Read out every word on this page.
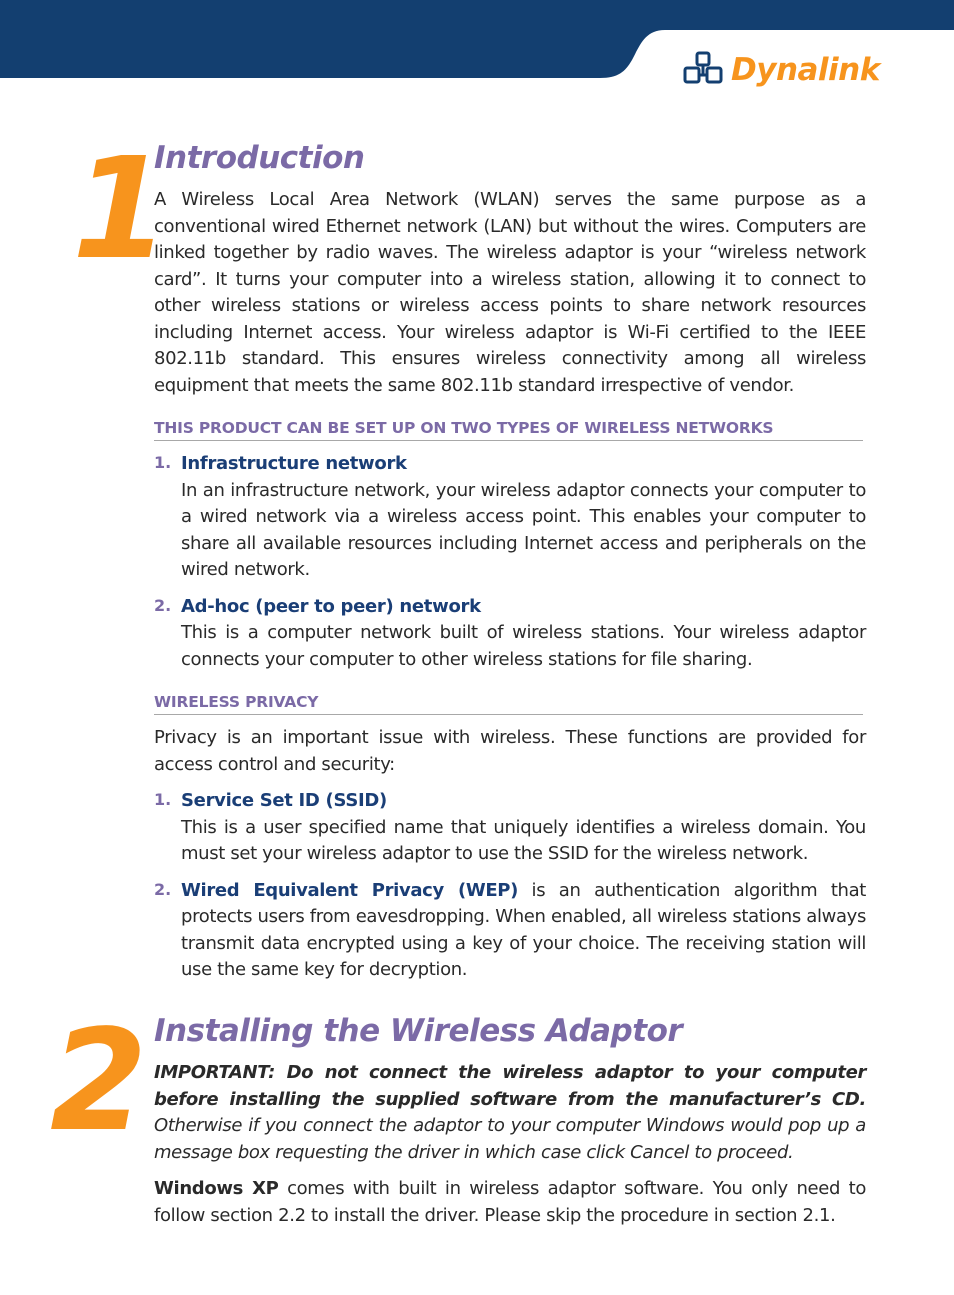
Dynalink
1
Introduction

A Wireless Local Area Network (WLAN) serves the same purpose as a conventional wired Ethernet network (LAN) but without the wires. Computers are linked together by radio waves. The wireless adaptor is your “wireless network card”. It turns your computer into a wireless station, allowing it to connect to other wireless stations or wireless access points to share network resources including Internet access. Your wireless adaptor is Wi-Fi certified to the IEEE 802.11b standard. This ensures wireless connectivity among all wireless equipment that meets the same 802.11b standard irrespective of vendor.

THIS PRODUCT CAN BE SET UP ON TWO TYPES OF WIRELESS NETWORKS
1. Infrastructure network

In an infrastructure network, your wireless adaptor connects your computer to a wired network via a wireless access point. This enables your computer to share all available resources including Internet access and peripherals on the wired network.

2. Ad-hoc (peer to peer) network

This is a computer network built of wireless stations. Your wireless adaptor connects your computer to other wireless stations for file sharing.

WIRELESS PRIVACY

Privacy is an important issue with wireless. These functions are provided for access control and security:

1. Service Set ID (SSID)

This is a user specified name that uniquely identifies a wireless domain. You must set your wireless adaptor to use the SSID for the wireless network.

2. Wired Equivalent Privacy (WEP) is an authentication algorithm that protects users from eavesdropping. When enabled, all wireless stations always transmit data encrypted using a key of your choice. The receiving station will use the same key for decryption.

2 Installing the Wireless Adaptor

IMPORTANT: Do not connect the wireless adaptor to your computer before installing the supplied software from the manufacturer’s CD. Otherwise if you connect the adaptor to your computer Windows would pop up a message box requesting the driver in which case click Cancel to proceed.

Windows XP comes with built in wireless adaptor software. You only need to follow section 2.2 to install the driver. Please skip the procedure in section 2.1.
